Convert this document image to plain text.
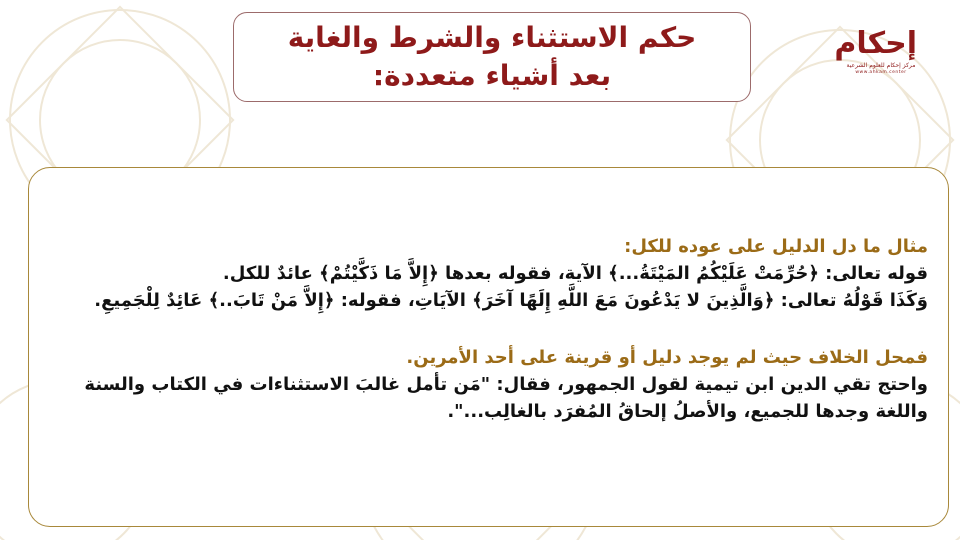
حكم الاستثناء والشرط والغاية
بعد أشياء متعددة:
إحكام
مركز إحكام للعلوم الشرعية
www.ahkam.center
مثال ما دل الدليل على عوده للكل:
قوله تعالى: ﴿حُرِّمَتْ عَلَيْكُمُ المَيْتَةُ...﴾ الآية، فقوله بعدها ﴿إِلاَّ مَا ذَكَّيْتُمْ﴾ عائدٌ للكل.
وَكَذَا قَوْلُهُ تعالى: ﴿وَالَّذِينَ لا يَدْعُونَ مَعَ اللَّهِ إِلَهًا آخَرَ﴾ الآيَاتِ، فقوله: ﴿إِلاَّ مَنْ تَابَ..﴾ عَائِدٌ لِلْجَمِيعِ.
فمحل الخلاف حيث لم يوجد دليل أو قرينة على أحد الأمرين.
واحتج تقي الدين ابن تيمية لقول الجمهور، فقال: "مَن تأمل غالبَ الاستثناءات في الكتاب والسنة
واللغة وجدها للجميع، والأصلُ إلحاقُ المُفرَد بالغالِب...".
